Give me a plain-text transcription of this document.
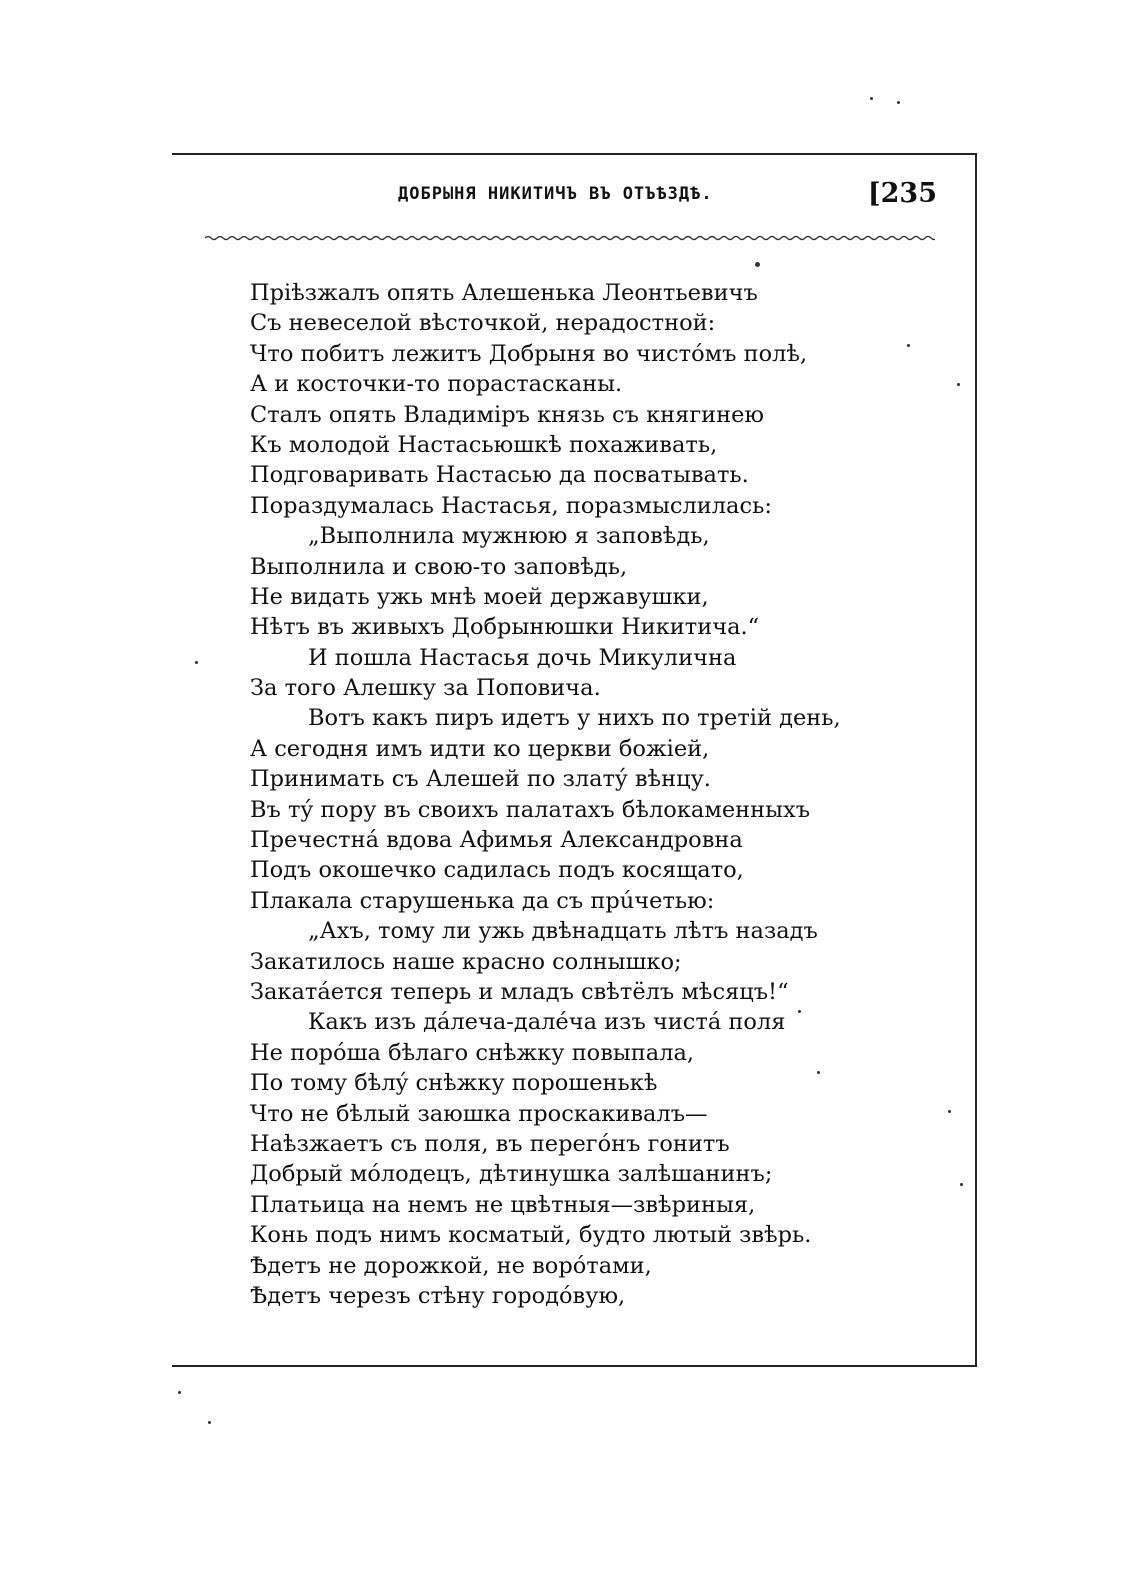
ДОБРЫНЯ НИКИТИЧЪ ВЪ ОТЪѢЗДѢ.	[235
Пріѣзжалъ опять Алешенька Леонтьевичъ
Съ невеселой вѣсточкой, нерадостной:
Что побитъ лежитъ Добрыня во чистóмъ полѣ,
А и косточки-то порастасканы.
Сталъ опять Владиміръ князь съ княгинею
Къ молодой Настасьюшкѣ похаживать,
Подговаривать Настасью да посватывать.
Пораздумалась Настасья, поразмыслилась:
„Выполнила мужнюю я заповѣдь,
Выполнила и свою-то заповѣдь,
Не видать ужь мнѣ моей державушки,
Нѣтъ въ живыхъ Добрынюшки Никитича.“
И пошла Настасья дочь Микулична
За того Алешку за Поповича.
Вотъ какъ пиръ идетъ у нихъ по третій день,
А сегодня имъ идти ко церкви божіей,
Принимать съ Алешей по златý вѣнцу.
Въ тý пору въ своихъ палатахъ бѣлокаменныхъ
Пречестнá вдова Афимья Александровна
Подъ окошечко садилась подъ косящато,
Плакала старушенька да съ прúчетью:
„Ахъ, тому ли ужь двѣнадцать лѣтъ назадъ
Закатилось наше красно солнышко;
Закатáется теперь и младъ свѣтёлъ мѣсяцъ!“
Какъ изъ дáлеча-далéча изъ чистá поля
Не порóша бѣлаго снѣжку повыпала,
По тому бѣлý снѣжку порошенькѣ
Что не бѣлый заюшка проскакивалъ—
Наѣзжаетъ съ поля, въ перегóнъ гонитъ
Добрый мóлодецъ, дѣтинушка залѣшанинъ;
Платьица на немъ не цвѣтныя—звѣриныя,
Конь подъ нимъ косматый, будто лютый звѣрь.
Ѣдетъ не дорожкой, не ворóтами,
Ѣдетъ черезъ стѣну городóвую,
